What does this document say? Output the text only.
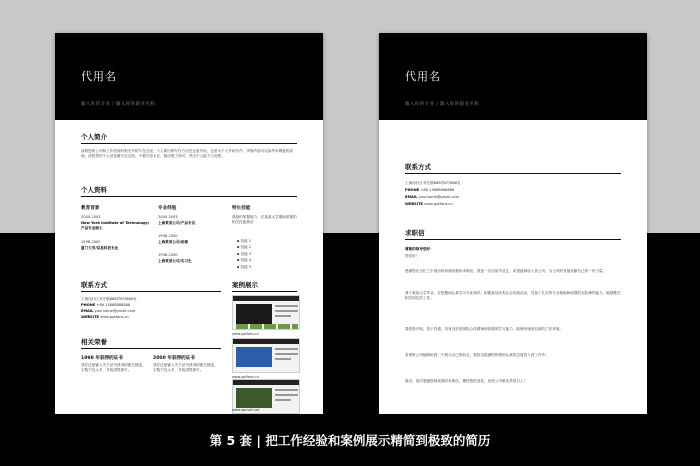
代用名
输入你的专业 / 输入你的职业名称
个人简介
请将您的公司和工作经验的相关介绍写在这里，个人简历的写作方法在这里介绍，这里为个人介绍写作，详细内容可以参考本模板的说明，请将您的个人信息填写在这里，不要写得太长，简洁明了即可，突出个人能力与优势。
个人资料
教育背景
2000-2003
New York Institute of Technology/产品专业硕士
1998-2000
厦门大学/信息科技专业
专业经验
2000-2003
上海某某公司/产品专员
1998-2000
上海某某公司/助理
1998-2000
上海某某公司/实习生
特长技能
熟练的掌握能力，在某某大学期间掌握的相关技能情况
▪ 技能 1
▪ 技能 2
▪ 技能 3
▪ 技能 4
▪ 技能 5
联系方式
上海闵行区莘庄镇888弄8号888室
PHONE +86 13888888888
EMAIL yourname@gmail.com
WEBSITE www.pptfans.cn
相关荣誉
1998 年获得的证书
请在这里输入关于证书获得的相关描述，字数不宜太多，介绍清楚即可。
2000 年获得的证书
请在这里输入关于证书获得的相关描述，字数不宜太多，介绍清楚即可。
案例展示
www.pptfans.cn
www.pptfans.cn
www.apmall.net
代用名
输入你的专业 / 输入你的职业名称
联系方式
上海闵行区莘庄镇888弄8号888室
PHONE +86 13888888888
EMAIL yourname@gmail.com
WEBSITE www.pptfans.cn
求职信
尊敬的领导您好：
您们好！
感谢您在百忙之中抽出时间阅读我的求职信，我是一名应届毕业生，希望能够加入贵公司，为公司的发展贡献自己的一份力量。
我于某某大学毕业，在校期间认真学习专业知识，积极参加各类社会实践活动，具备了扎实的专业基础和较强的实际操作能力，能够胜任相关岗位的工作。
我性格开朗，善于沟通，具有良好的团队合作精神和较强的学习能力，能够快速适应新的工作环境。
希望贵公司能够给我一个展示自己的机会，我将以饱满的热情和认真的态度投入到工作中。
最后，再次感谢您阅读我的求职信，期待您的回复，祝贵公司事业蒸蒸日上！
第 5 套 | 把工作经验和案例展示精简到极致的简历
